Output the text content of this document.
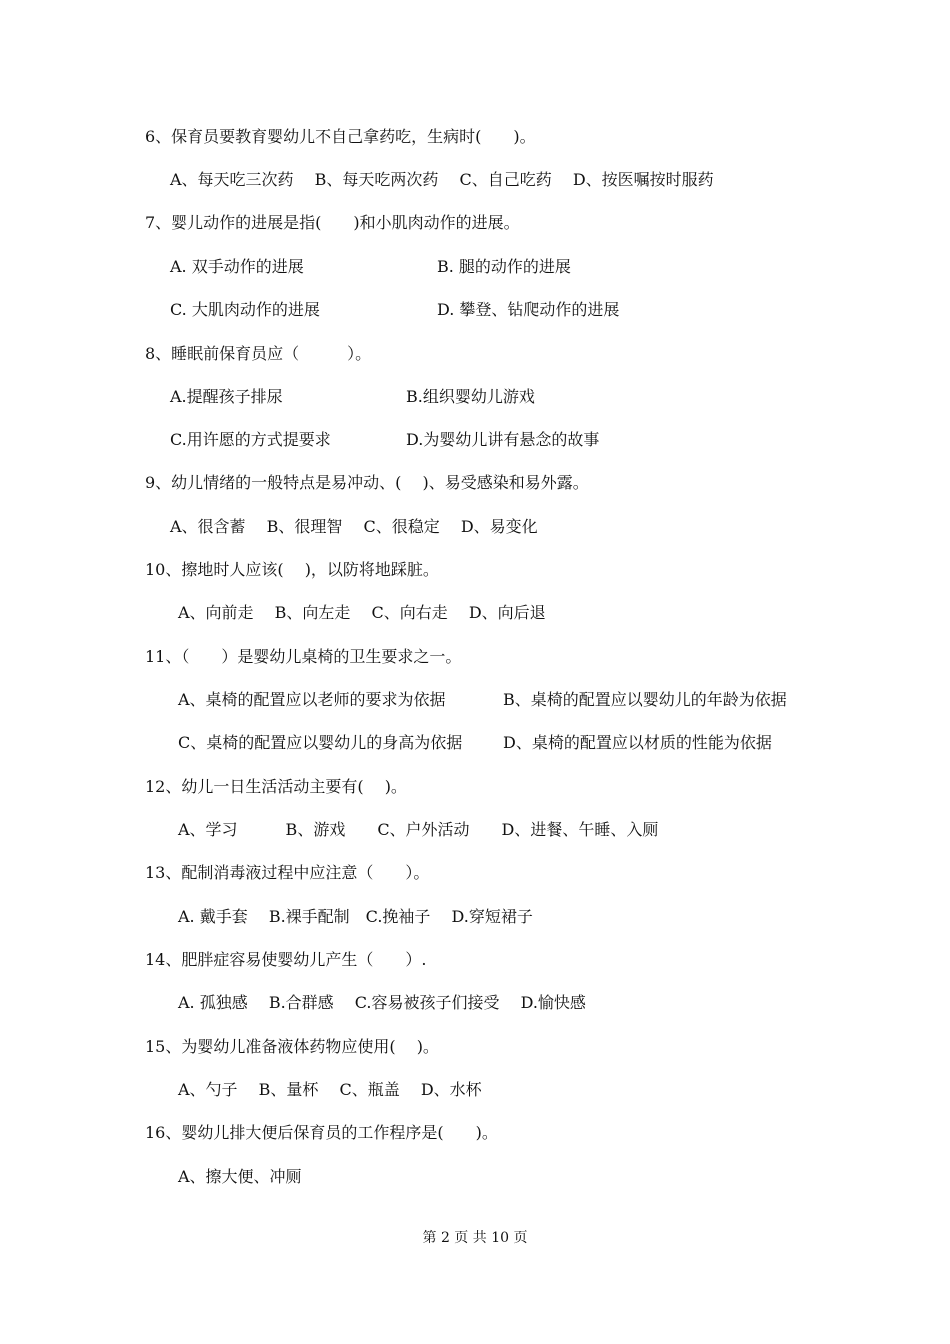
6、保育员要教育婴幼儿不自己拿药吃，生病时(　　)。
A、每天吃三次药　 B、每天吃两次药　 C、自己吃药　 D、按医嘱按时服药
7、婴儿动作的进展是指(　　)和小肌肉动作的进展。
A. 双手动作的进展	B. 腿的动作的进展
C. 大肌肉动作的进展	D. 攀登、钻爬动作的进展
8、睡眠前保育员应（　　　）。
A.提醒孩子排尿	B.组织婴幼儿游戏
C.用许愿的方式提要求	D.为婴幼儿讲有悬念的故事
9、幼儿情绪的一般特点是易冲动、(　 )、易受感染和易外露。
A、很含蓄　 B、很理智　 C、很稳定　 D、易变化
10、擦地时人应该(　 )，以防将地踩脏。
A、向前走　 B、向左走　 C、向右走　 D、向后退
11、（　　）是婴幼儿桌椅的卫生要求之一。
A、桌椅的配置应以老师的要求为依据	B、桌椅的配置应以婴幼儿的年龄为依据
C、桌椅的配置应以婴幼儿的身高为依据	D、桌椅的配置应以材质的性能为依据
12、幼儿一日生活活动主要有(　 )。
A、学习　　　B、游戏　　C、户外活动　　D、进餐、午睡、入厕
13、配制消毒液过程中应注意（　　）。
A. 戴手套　 B.裸手配制　C.挽袖子　 D.穿短裙子
14、肥胖症容易使婴幼儿产生（　　）.
A. 孤独感　 B.合群感　 C.容易被孩子们接受　 D.愉快感
15、为婴幼儿准备液体药物应使用(　 )。
A、勺子　 B、量杯　 C、瓶盖　 D、水杯
16、婴幼儿排大便后保育员的工作程序是(　　)。
A、擦大便、冲厕
第 2 页 共 10 页
